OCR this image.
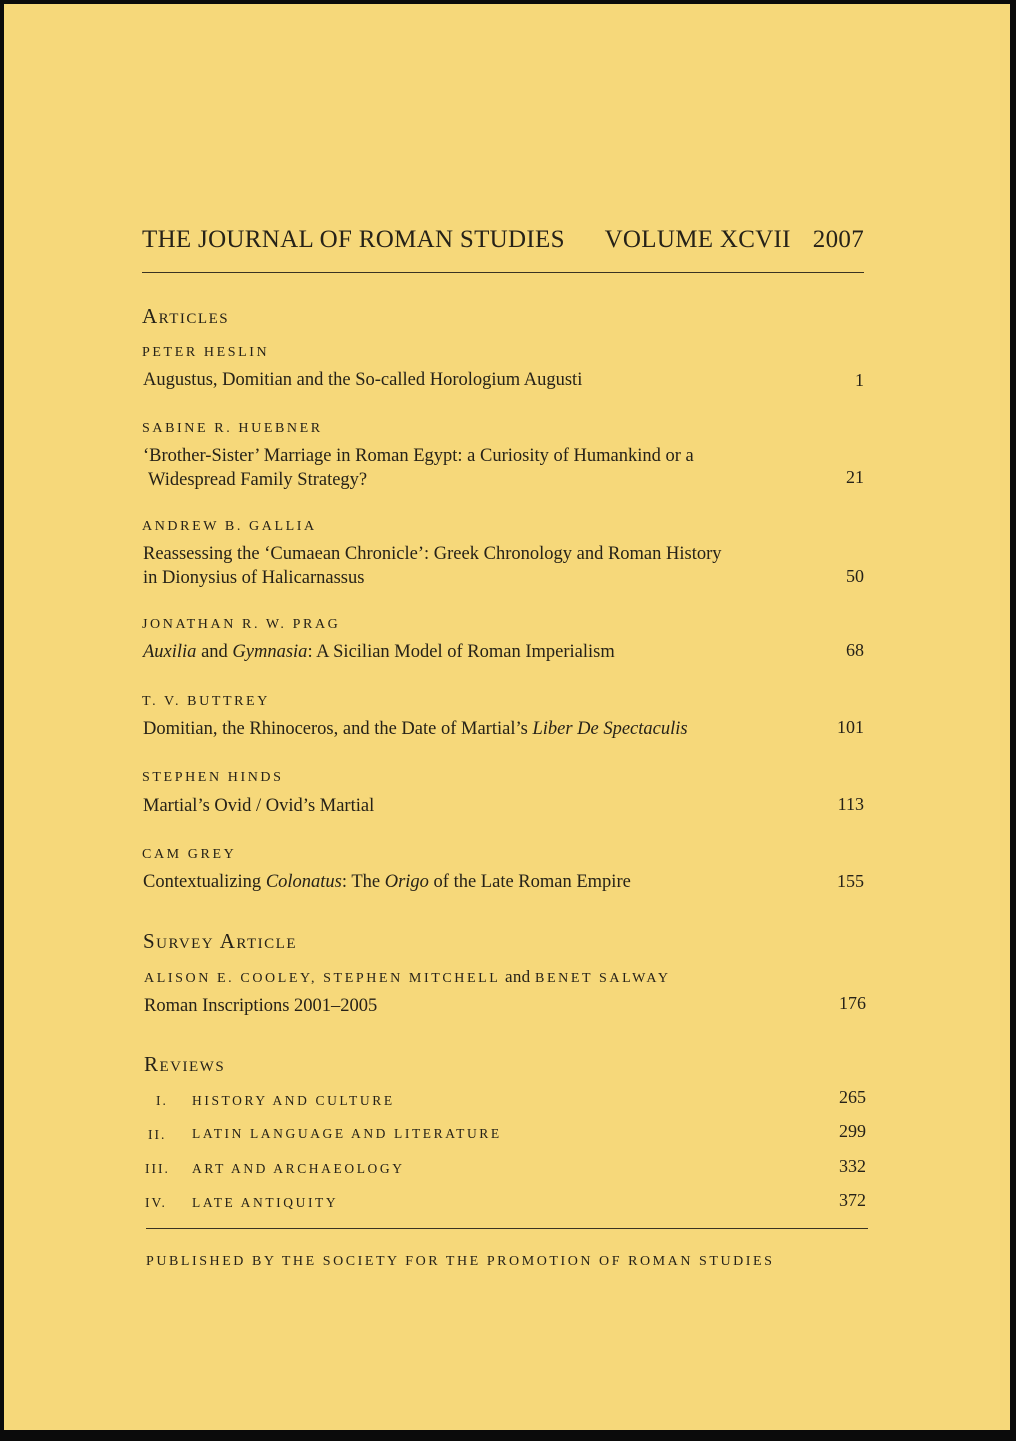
THE JOURNAL OF ROMAN STUDIES	VOLUME XCVII 2007
Articles
PETER HESLIN
Augustus, Domitian and the So-called Horologium Augusti	1
SABINE R. HUEBNER
‘Brother-Sister’ Marriage in Roman Egypt: a Curiosity of Humankind or a
Widespread Family Strategy?	21
ANDREW B. GALLIA
Reassessing the ‘Cumaean Chronicle’: Greek Chronology and Roman History
in Dionysius of Halicarnassus	50
JONATHAN R. W. PRAG
Auxilia and Gymnasia: A Sicilian Model of Roman Imperialism	68
T. V. BUTTREY
Domitian, the Rhinoceros, and the Date of Martial’s Liber De Spectaculis	101
STEPHEN HINDS
Martial’s Ovid / Ovid’s Martial	113
CAM GREY
Contextualizing Colonatus: The Origo of the Late Roman Empire	155
Survey Article
ALISON E. COOLEY, STEPHEN MITCHELL and BENET SALWAY
Roman Inscriptions 2001–2005	176
Reviews
I. HISTORY AND CULTURE	265
II. LATIN LANGUAGE AND LITERATURE	299
III. ART AND ARCHAEOLOGY	332
IV. LATE ANTIQUITY	372
PUBLISHED BY THE SOCIETY FOR THE PROMOTION OF ROMAN STUDIES
